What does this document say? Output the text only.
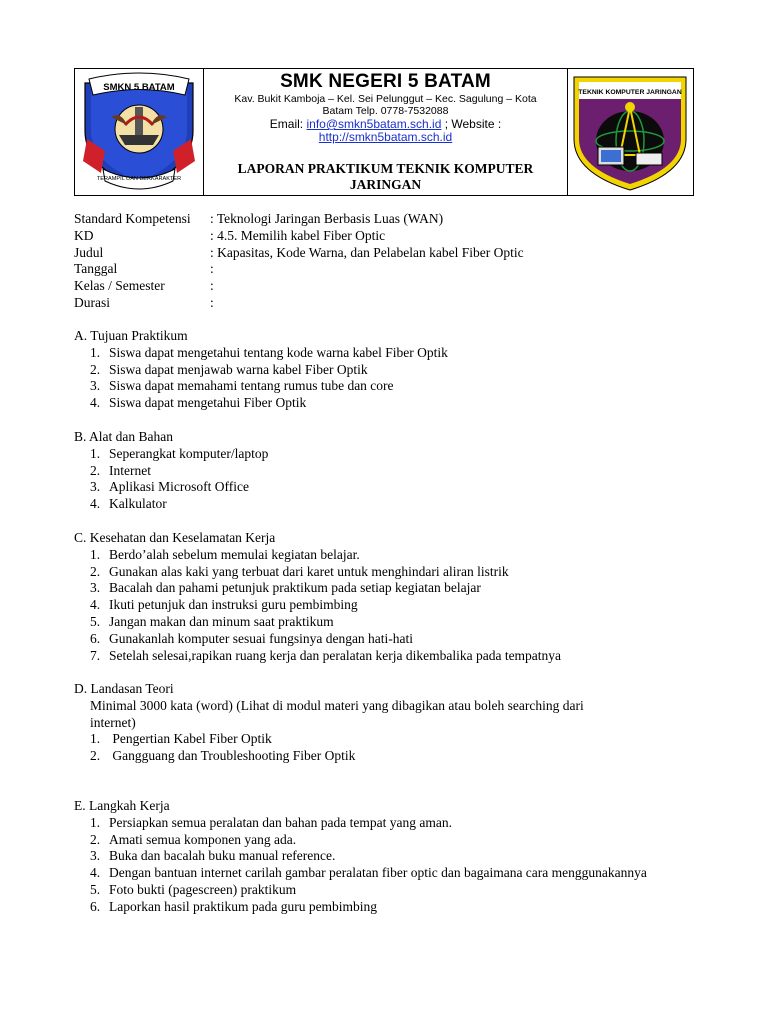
SMKN 5 BATAM
TERAMPIL DAN BERKARAKTER
SMK NEGERI 5 BATAM
Kav. Bukit Kamboja – Kel. Sei Pelunggut – Kec. Sagulung – Kota
Batam Telp. 0778-7532088
Email: info@smkn5batam.sch.id ; Website :
http://smkn5batam.sch.id
LAPORAN PRAKTIKUM TEKNIK KOMPUTER
JARINGAN
TEKNIK KOMPUTER JARINGAN
Standard Kompetensi : Teknologi Jaringan Berbasis Luas (WAN)
KD	: 4.5. Memilih kabel Fiber Optic
Judul	: Kapasitas, Kode Warna, dan Pelabelan kabel Fiber Optic
Tanggal	:
Kelas / Semester	:
Durasi	:
A. Tujuan Praktikum
1. Siswa dapat mengetahui tentang kode warna kabel Fiber Optik
2. Siswa dapat menjawab warna kabel Fiber Optik
3. Siswa dapat memahami tentang rumus tube dan core
4. Siswa dapat mengetahui Fiber Optik
B. Alat dan Bahan
1. Seperangkat komputer/laptop
2. Internet
3. Aplikasi Microsoft Office
4. Kalkulator
C. Kesehatan dan Keselamatan Kerja
1. Berdo’alah sebelum memulai kegiatan belajar.
2. Gunakan alas kaki yang terbuat dari karet untuk menghindari aliran listrik
3. Bacalah dan pahami petunjuk praktikum pada setiap kegiatan belajar
4. Ikuti petunjuk dan instruksi guru pembimbing
5. Jangan makan dan minum saat praktikum
6. Gunakanlah komputer sesuai fungsinya dengan hati-hati
7. Setelah selesai,rapikan ruang kerja dan peralatan kerja dikembalika pada tempatnya
D. Landasan Teori
Minimal 3000 kata (word) (Lihat di modul materi yang dibagikan atau boleh searching dari
internet)
1. Pengertian Kabel Fiber Optik
2. Gangguang dan Troubleshooting Fiber Optik
E. Langkah Kerja
1. Persiapkan semua peralatan dan bahan pada tempat yang aman.
2. Amati semua komponen yang ada.
3. Buka dan bacalah buku manual reference.
4. Dengan bantuan internet carilah gambar peralatan fiber optic dan bagaimana cara menggunakannya
5. Foto bukti (pagescreen) praktikum
6. Laporkan hasil praktikum pada guru pembimbing
